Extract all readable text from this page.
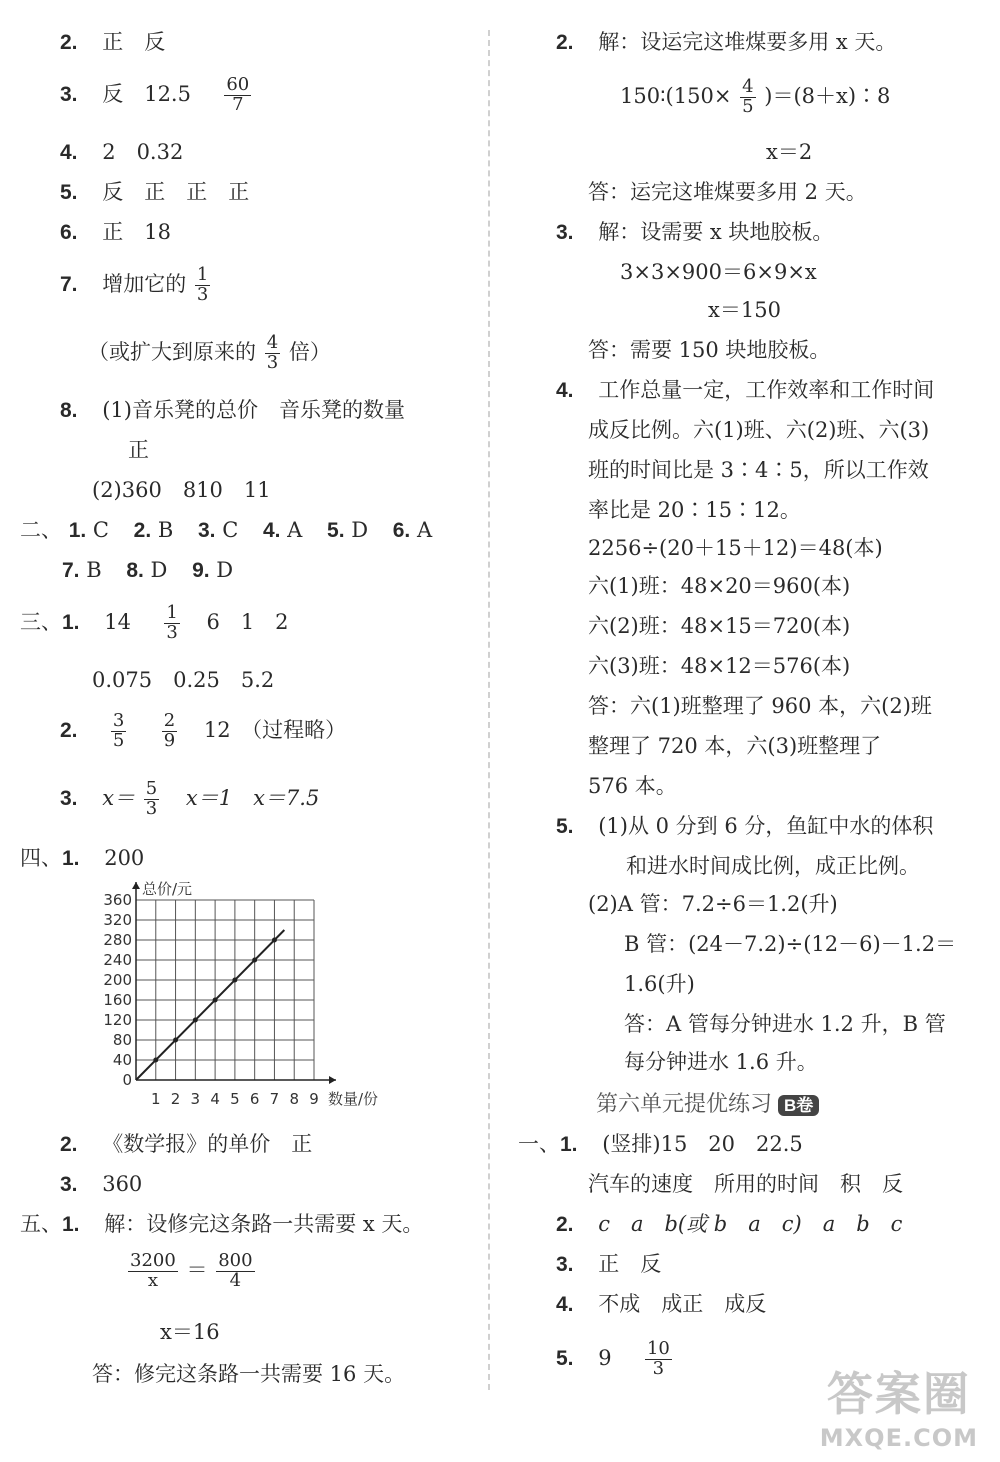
2. 正　反
3. 反　$12.5 \frac{60}{7}$
4. 2　0.32
5. 反　正　正　正
6. 正　18
7. 增加它的 $\frac{1}{3}$
（或扩大到原来的 $\frac{4}{3}$ 倍）
8. (1)音乐凳的总价　音乐凳的数量
正
(2)360　810　11
二、 1. C 2. B 3. C 4. A 5. D 6. A
7. B 8. D 9. D
三、1. $14 \frac{1}{3} 6$　1　2
0.075　0.25　5.2
2. $\frac{3}{5}$
$\frac{2}{9} 12$　（过程略）
3. $x= \frac{5}{3} x=1$　x＝7.5
四、1. 200
0
40
80
120
160
200
240
280
320
360
1 2 3 4 5 6 7 8 9
总价/元
数量/份
2. 《数学报》的单价　正
3. 360
五、1. 解：设修完这条路一共需要 x 天。
$\frac{3200}{x} = \frac{800}{4}$
x＝16
答：修完这条路一共需要 16 天。
2. 解：设运完这堆煤要多用 x 天。
150∶(150× $\frac{4}{5}$ )＝(8＋x)∶8
x＝2
答：运完这堆煤要多用 2 天。
3. 解：设需要 x 块地胶板。
3×3×900＝6×9×x
x＝150
答：需要 150 块地胶板。
4. 工作总量一定，工作效率和工作时间
成反比例。六(1)班、六(2)班、六(3)
班的时间比是 3∶4∶5，所以工作效
率比是 20∶15∶12。
2256÷(20＋15＋12)＝48(本)
六(1)班：48×20＝960(本)
六(2)班：48×15＝720(本)
六(3)班：48×12＝576(本)
答：六(1)班整理了 960 本，六(2)班
整理了 720 本，六(3)班整理了
576 本。
5. (1)从 0 分到 6 分，鱼缸中水的体积
和进水时间成比例，成正比例。
(2)A 管：7.2÷6＝1.2(升)
B 管：(24－7.2)÷(12－6)－1.2＝
1.6(升)
答：A 管每分钟进水 1.2 升，B 管
每分钟进水 1.6 升。
第六单元提优练习 B卷
一、1. (竖排)15　20　22.5
汽车的速度　所用的时间　积　反
2. c　a　b(或 b　a　c)　a　b　c
3. 正　反
4. 不成　成正　成反
5. $9 \frac{10}{3}$
答案圈
MXQE.COM
